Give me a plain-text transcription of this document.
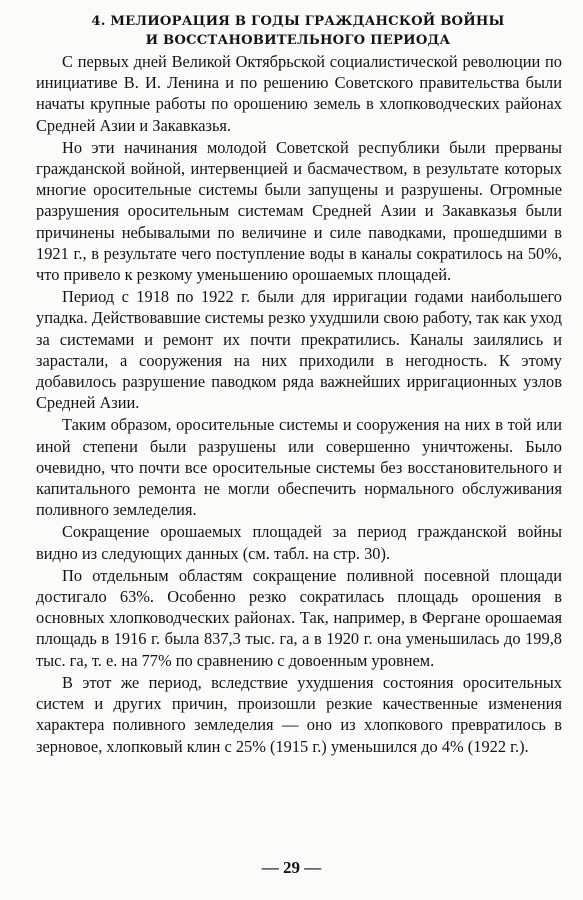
4. МЕЛИОРАЦИЯ В ГОДЫ ГРАЖДАНСКОЙ ВОЙНЫ
И ВОССТАНОВИТЕЛЬНОГО ПЕРИОДА

С первых дней Великой Октябрьской социалистической революции по инициативе В. И. Ленина и по решению Советского правительства были начаты крупные работы по орошению земель в хлопководческих районах Средней Азии и Закавказья.

Но эти начинания молодой Советской республики были прерваны гражданской войной, интервенцией и басмачеством, в результате которых многие оросительные системы были запущены и разрушены. Огромные разрушения оросительным системам Средней Азии и Закавказья были причинены небывалыми по величине и силе паводками, прошедшими в 1921 г., в результате чего поступление воды в каналы сократилось на 50%, что привело к резкому уменьшению орошаемых площадей.

Период с 1918 по 1922 г. были для ирригации годами наибольшего упадка. Действовавшие системы резко ухудшили свою работу, так как уход за системами и ремонт их почти прекратились. Каналы заилялись и зарастали, а сооружения на них приходили в негодность. К этому добавилось разрушение паводком ряда важнейших ирригационных узлов Средней Азии.

Таким образом, оросительные системы и сооружения на них в той или иной степени были разрушены или совершенно уничтожены. Было очевидно, что почти все оросительные системы без восстановительного и капитального ремонта не могли обеспечить нормального обслуживания поливного земледелия.

Сокращение орошаемых площадей за период гражданской войны видно из следующих данных (см. табл. на стр. 30).

По отдельным областям сокращение поливной посевной площади достигало 63%. Особенно резко сократилась площадь орошения в основных хлопководческих районах. Так, например, в Фергане орошаемая площадь в 1916 г. была 837,3 тыс. га, а в 1920 г. она уменьшилась до 199,8 тыс. га, т. е. на 77% по сравнению с довоенным уровнем.

В этот же период, вследствие ухудшения состояния оросительных систем и других причин, произошли резкие качественные изменения характера поливного земледелия — оно из хлопкового превратилось в зерновое, хлопковый клин с 25% (1915 г.) уменьшился до 4% (1922 г.).

— 29 —
